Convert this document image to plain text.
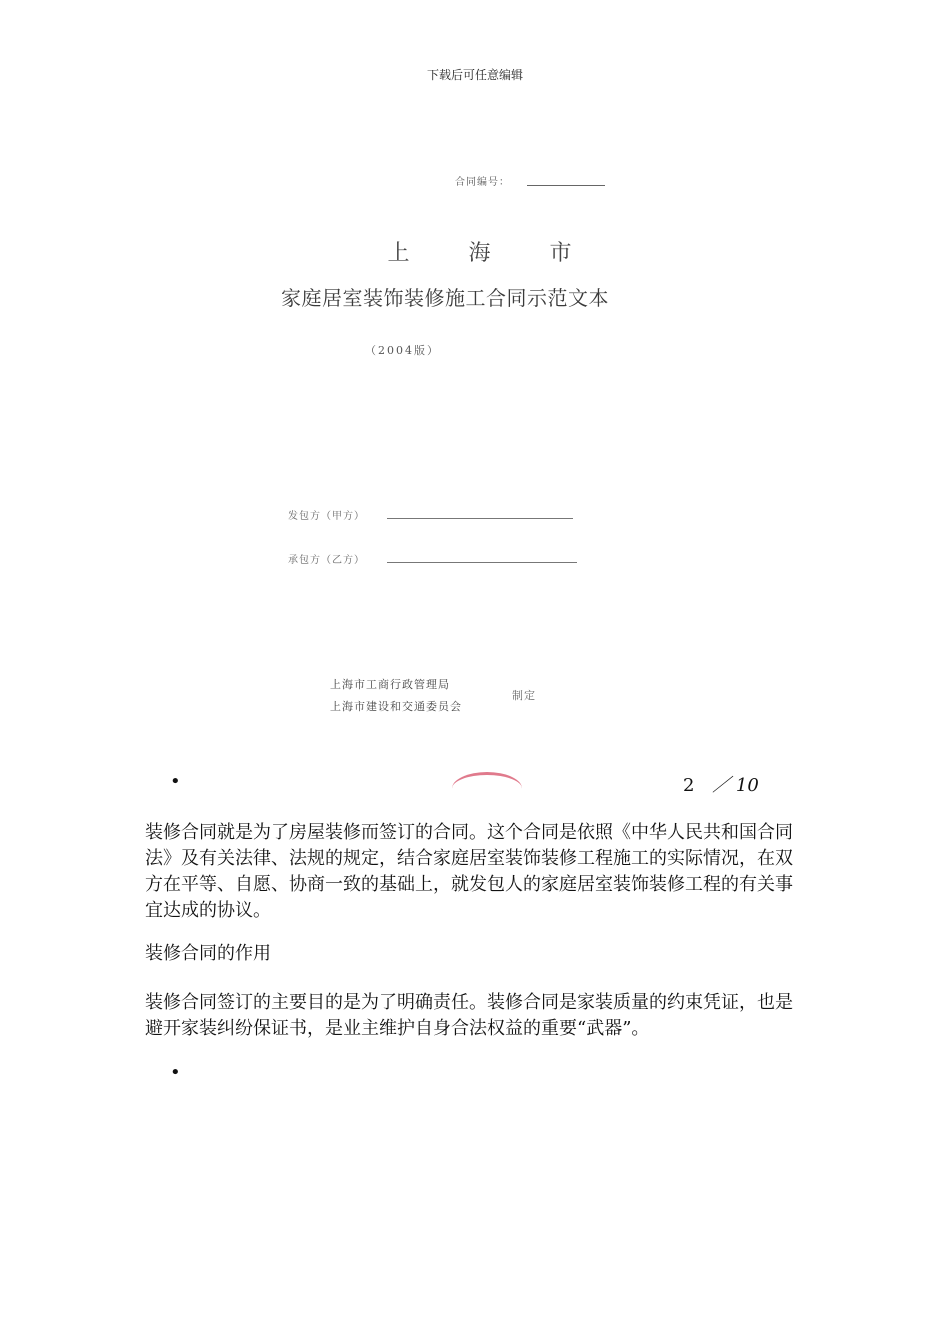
下载后可任意编辑
合同编号：
上 海 市
家庭居室装饰装修施工合同示范文本
（2004版）
发包方（甲方）
承包方（乙方）
上海市工商行政管理局
上海市建设和交通委员会
制定
•	2 ／ 10

装修合同就是为了房屋装修而签订的合同。这个合同是依照《中华人民共和国合同法》及有关法律、法规的规定，结合家庭居室装饰装修工程施工的实际情况，在双方在平等、自愿、协商一致的基础上，就发包人的家庭居室装饰装修工程的有关事宜达成的协议。

装修合同的作用

装修合同签订的主要目的是为了明确责任。装修合同是家装质量的约束凭证，也是避开家装纠纷保证书，是业主维护自身合法权益的重要“武器”。

•
